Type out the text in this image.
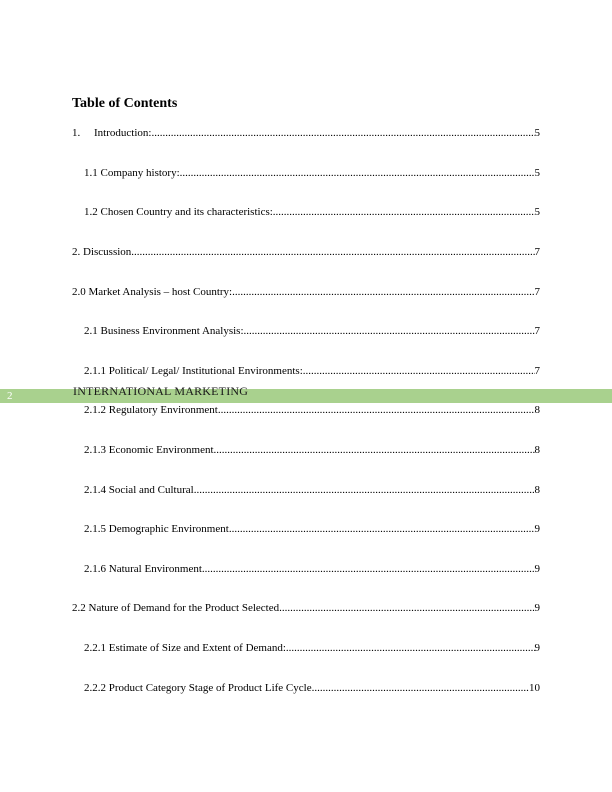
Table of Contents
1.	Introduction: .....	5
1.1 Company history: .....	5
1.2 Chosen Country and its characteristics: .....	5
2. Discussion .....	7
2.0 Market Analysis – host Country: .....	7
2.1 Business Environment Analysis: .....	7
2.1.1 Political/ Legal/ Institutional Environments: .....	7
2	INTERNATIONAL MARKETING
2.1.2 Regulatory Environment .....	8
2.1.3 Economic Environment .....	8
2.1.4 Social and Cultural .....	8
2.1.5 Demographic Environment .....	9
2.1.6 Natural Environment .....	9
2.2 Nature of Demand for the Product Selected .....	9
2.2.1 Estimate of Size and Extent of Demand: .....	9
2.2.2 Product Category Stage of Product Life Cycle .....	10
